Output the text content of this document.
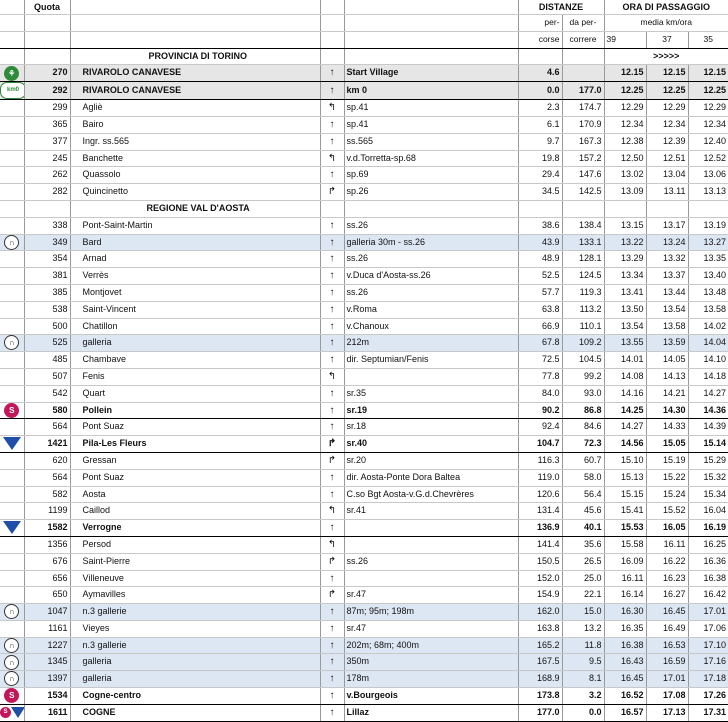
	Quota				DISTANZE		ORA DI PASSAGGIO		
					per-	da per-	media km/ora		
					corse	correre	39	37	35
		PROVINCIA DI TORINO					>>>>>		
⚘	270	RIVAROLO CANAVESE	↑	Start Village	4.6		12.15	12.15	12.15
km0	292	RIVAROLO CANAVESE	↑	km 0	0.0	177.0	12.25	12.25	12.25
	299	Agliè	↰	sp.41	2.3	174.7	12.29	12.29	12.29
	365	Bairo	↑	sp.41	6.1	170.9	12.34	12.34	12.34
	377	Ingr. ss.565	↑	ss.565	9.7	167.3	12.38	12.39	12.40
	245	Banchette	↰	v.d.Torretta-sp.68	19.8	157.2	12.50	12.51	12.52
	262	Quassolo	↑	sp.69	29.4	147.6	13.02	13.04	13.06
	282	Quincinetto	↱	sp.26	34.5	142.5	13.09	13.11	13.13
		REGIONE VAL D'AOSTA							
	338	Pont-Saint-Martin	↑	ss.26	38.6	138.4	13.15	13.17	13.19
∩	349	Bard	↑	galleria 30m - ss.26	43.9	133.1	13.22	13.24	13.27
	354	Arnad	↑	ss.26	48.9	128.1	13.29	13.32	13.35
	381	Verrès	↑	v.Duca d'Aosta-ss.26	52.5	124.5	13.34	13.37	13.40
	385	Montjovet	↑	ss.26	57.7	119.3	13.41	13.44	13.48
	538	Saint-Vincent	↑	v.Roma	63.8	113.2	13.50	13.54	13.58
	500	Chatillon	↑	v.Chanoux	66.9	110.1	13.54	13.58	14.02
∩	525	galleria	↑	212m	67.8	109.2	13.55	13.59	14.04
	485	Chambave	↑	dir. Septumian/Fenis	72.5	104.5	14.01	14.05	14.10
	507	Fenis	↰		77.8	99.2	14.08	14.13	14.18
	542	Quart	↑	sr.35	84.0	93.0	14.16	14.21	14.27
S	580	Pollein	↑	sr.19	90.2	86.8	14.25	14.30	14.36
	564	Pont Suaz	↑	sr.18	92.4	84.6	14.27	14.33	14.39
	1421	Pila-Les Fleurs	↱	sr.40	104.7	72.3	14.56	15.05	15.14
	620	Gressan	↱	sr.20	116.3	60.7	15.10	15.19	15.29
	564	Pont Suaz	↑	dir. Aosta-Ponte Dora Baltea	119.0	58.0	15.13	15.22	15.32
	582	Aosta	↑	C.so Bgt Aosta-v.G.d.Chevrères	120.6	56.4	15.15	15.24	15.34
	1199	Caillod	↰	sr.41	131.4	45.6	15.41	15.52	16.04
	1582	Verrogne	↑		136.9	40.1	15.53	16.05	16.19
	1356	Persod	↰		141.4	35.6	15.58	16.11	16.25
	676	Saint-Pierre	↱	ss.26	150.5	26.5	16.09	16.22	16.36
	656	Villeneuve	↑		152.0	25.0	16.11	16.23	16.38
	650	Aymavilles	↱	sr.47	154.9	22.1	16.14	16.27	16.42
∩	1047	n.3 gallerie	↑	87m; 95m; 198m	162.0	15.0	16.30	16.45	17.01
	1161	Vieyes	↑	sr.47	163.8	13.2	16.35	16.49	17.06
∩	1227	n.3 gallerie	↑	202m; 68m; 400m	165.2	11.8	16.38	16.53	17.10
∩	1345	galleria	↑	350m	167.5	9.5	16.43	16.59	17.16
∩	1397	galleria	↑	178m	168.9	8.1	16.45	17.01	17.18
S	1534	Cogne-centro	↑	v.Bourgeois	173.8	3.2	16.52	17.08	17.26
S	1611	COGNE	↑	Lillaz	177.0	0.0	16.57	17.13	17.31
